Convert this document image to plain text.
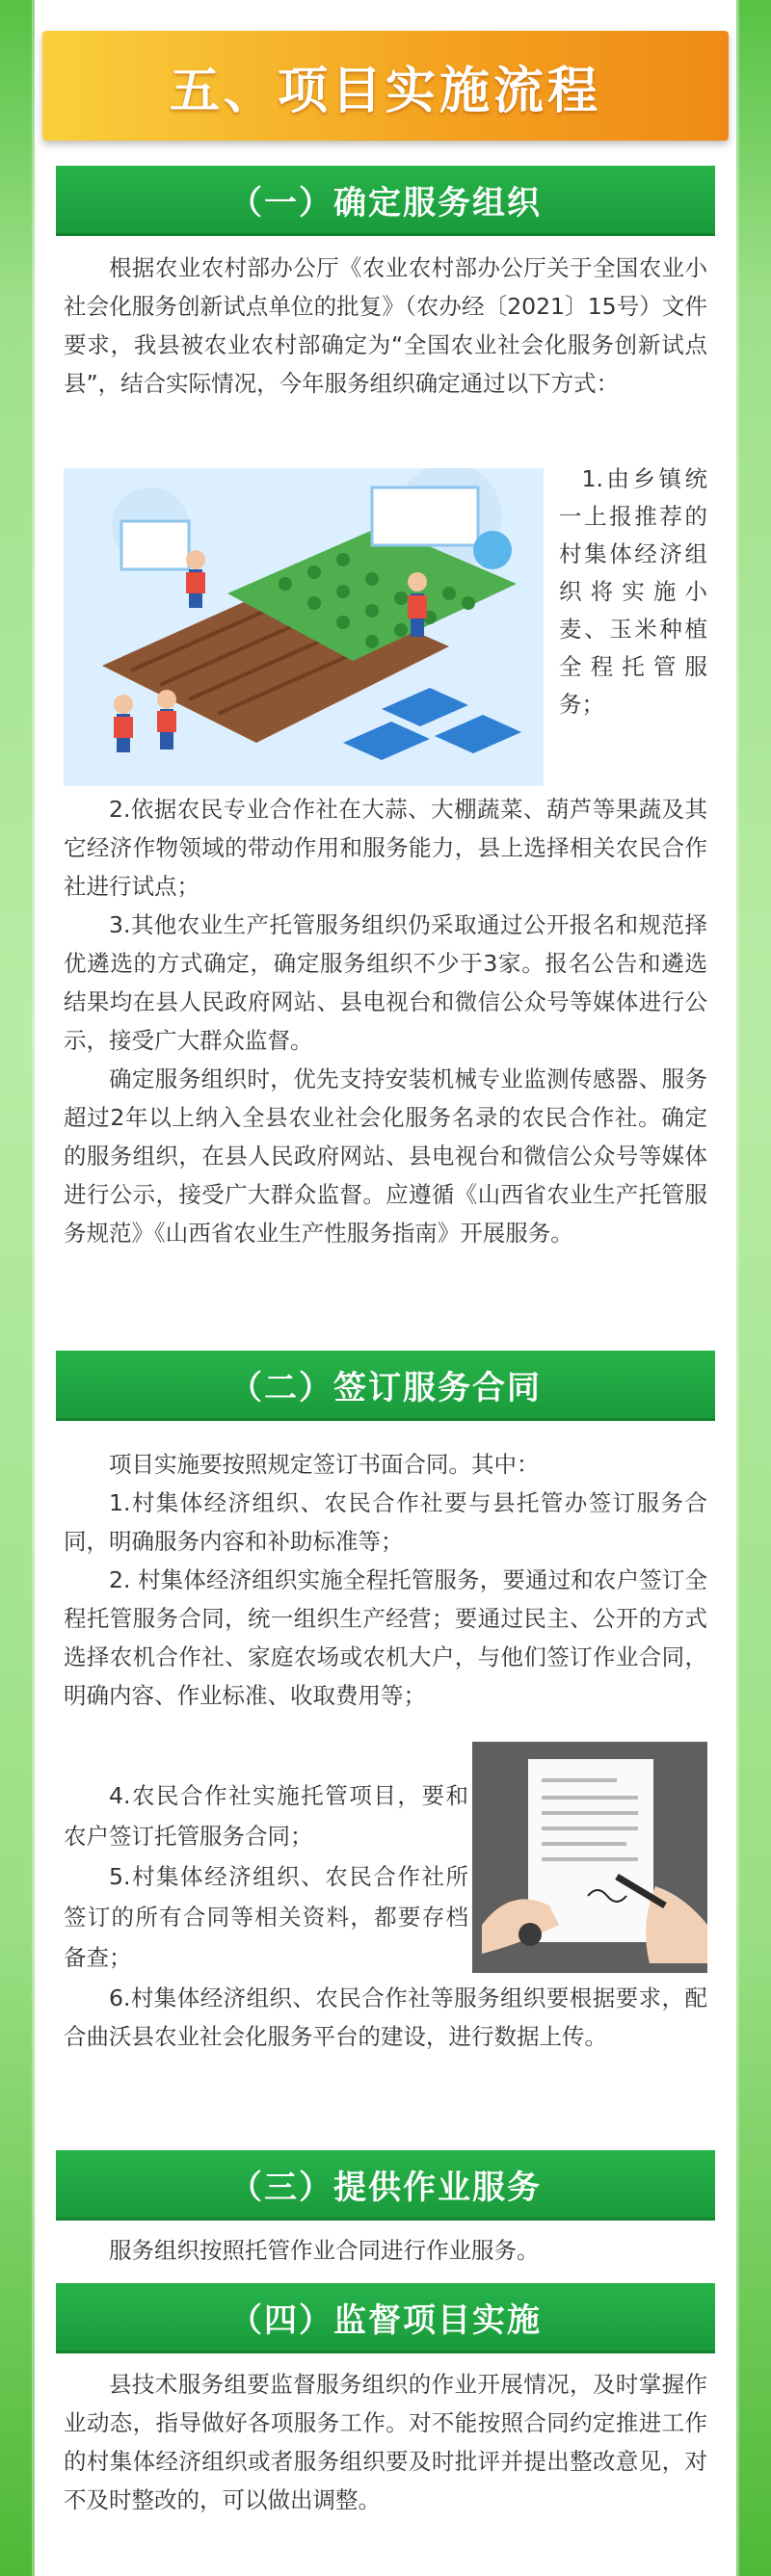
五、项目实施流程
（一）确定服务组织

根据农业农村部办公厅《农业农村部办公厅关于全国农业小社会化服务创新试点单位的批复》（农办经〔2021〕15号）文件要求，我县被农业农村部确定为“全国农业社会化服务创新试点县”，结合实际情况，今年服务组织确定通过以下方式：

1.由乡镇统一上报推荐的村集体经济组织将实施小麦、玉米种植全程托管服务；

2.依据农民专业合作社在大蒜、大棚蔬菜、葫芦等果蔬及其它经济作物领域的带动作用和服务能力，县上选择相关农民合作社进行试点；

3.其他农业生产托管服务组织仍采取通过公开报名和规范择优遴选的方式确定，确定服务组织不少于3家。报名公告和遴选结果均在县人民政府网站、县电视台和微信公众号等媒体进行公示，接受广大群众监督。

确定服务组织时，优先支持安装机械专业监测传感器、服务超过2年以上纳入全县农业社会化服务名录的农民合作社。确定的服务组织，在县人民政府网站、县电视台和微信公众号等媒体进行公示，接受广大群众监督。应遵循《山西省农业生产托管服务规范》《山西省农业生产性服务指南》开展服务。

（二）签订服务合同

项目实施要按照规定签订书面合同。其中：

1.村集体经济组织、农民合作社要与县托管办签订服务合同，明确服务内容和补助标准等；

2. 村集体经济组织实施全程托管服务，要通过和农户签订全程托管服务合同，统一组织生产经营；要通过民主、公开的方式选择农机合作社、家庭农场或农机大户，与他们签订作业合同，明确内容、作业标准、收取费用等；

4.农民合作社实施托管项目，要和农户签订托管服务合同；

5.村集体经济组织、农民合作社所签订的所有合同等相关资料，都要存档备查；

6.村集体经济组织、农民合作社等服务组织要根据要求，配合曲沃县农业社会化服务平台的建设，进行数据上传。

（三）提供作业服务

服务组织按照托管作业合同进行作业服务。

（四）监督项目实施

县技术服务组要监督服务组织的作业开展情况，及时掌握作业动态，指导做好各项服务工作。对不能按照合同约定推进工作的村集体经济组织或者服务组织要及时批评并提出整改意见，对不及时整改的，可以做出调整。
